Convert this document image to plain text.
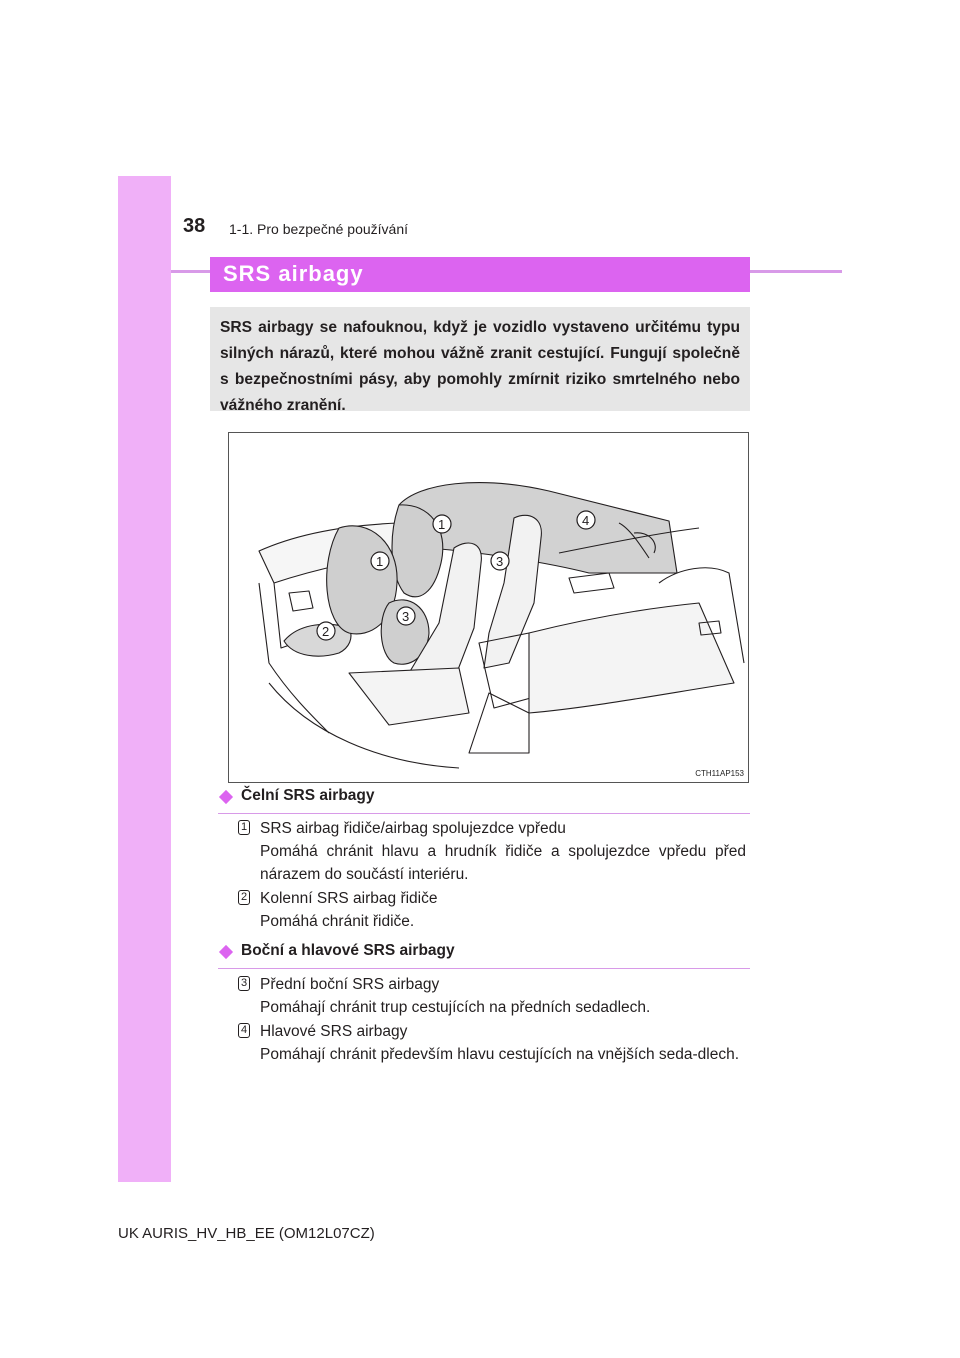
38 1-1. Pro bezpečné používání
SRS airbagy

SRS airbagy se nafouknou, když je vozidlo vystaveno určitému typu silných nárazů, které mohou vážně zranit cestující. Fungují společně s bezpečnostními pásy, aby pomohly zmírnit riziko smrtelného nebo vážného zranění.

1
1
2
3
3
4
CTH11AP153
Čelní SRS airbagy
1 SRS airbag řidiče/airbag spolujezdce vpředu

Pomáhá chránit hlavu a hrudník řidiče a spolujezdce vpředu před nárazem do součástí interiéru.

2 Kolenní SRS airbag řidiče

Pomáhá chránit řidiče.

Boční a hlavové SRS airbagy
3 Přední boční SRS airbagy

Pomáhají chránit trup cestujících na předních sedadlech.

4 Hlavové SRS airbagy

Pomáhají chránit především hlavu cestujících na vnějších seda-dlech.

UK AURIS_HV_HB_EE (OM12L07CZ)
